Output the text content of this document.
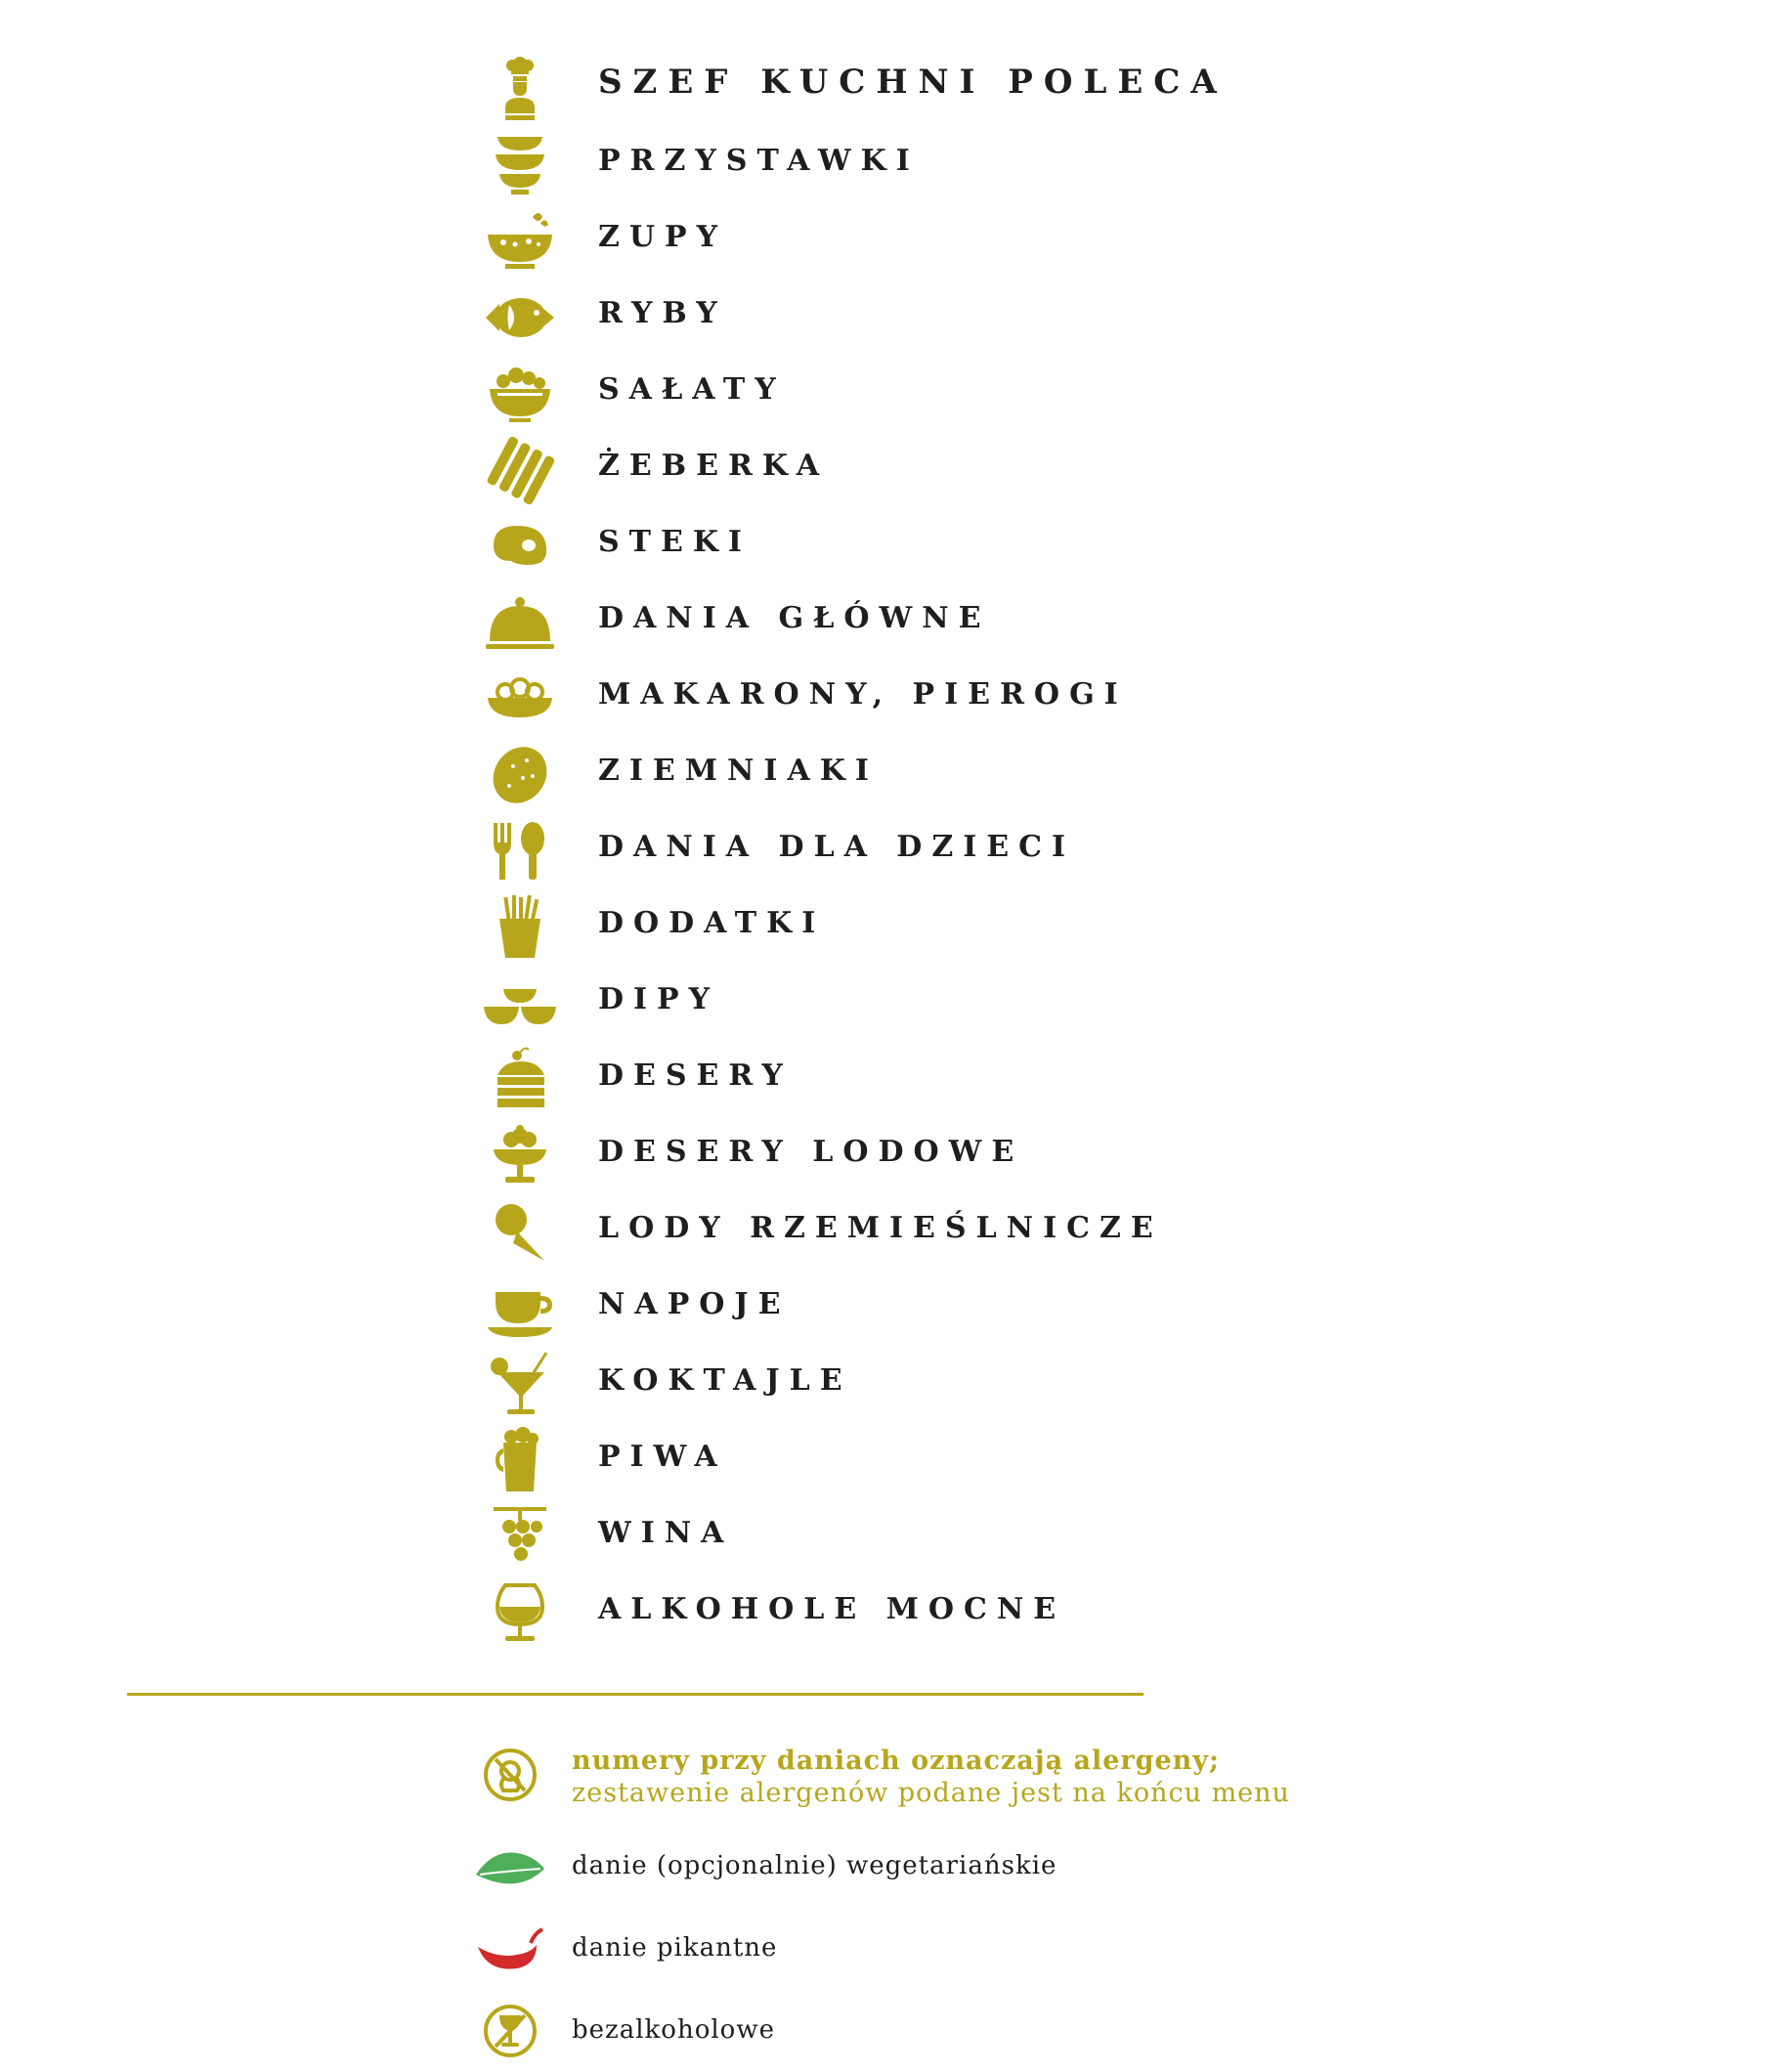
SZEF KUCHNI POLECA
PRZYSTAWKI
ZUPY
RYBY
SAŁATY
ŻEBERKA
STEKI
DANIA GŁÓWNE
MAKARONY, PIEROGI
ZIEMNIAKI
DANIA DLA DZIECI
DODATKI
DIPY
DESERY
DESERY LODOWE
LODY RZEMIEŚLNICZE
NAPOJE
KOKTAJLE
PIWA
WINA
ALKOHOLE MOCNE
numery przy daniach oznaczają alergeny;
zestawenie alergenów podane jest na końcu menu
danie (opcjonalnie) wegetariańskie
danie pikantne
bezalkoholowe
